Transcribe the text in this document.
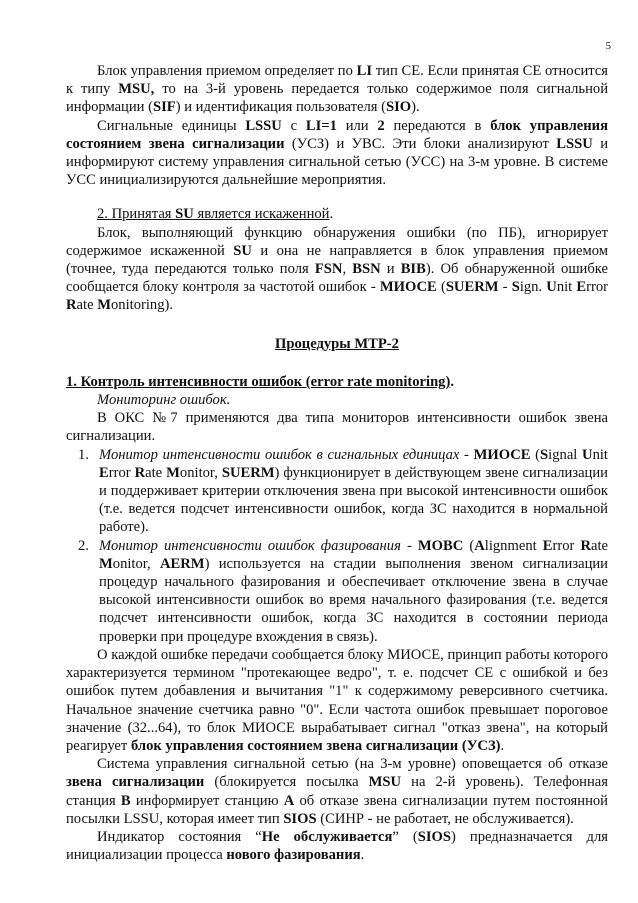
5

Блок управления приемом определяет по LI тип СЕ. Если принятая СЕ относится к типу MSU, то на 3-й уровень передается только содержимое поля сигнальной информации (SIF) и идентификация пользователя (SIO).

Сигнальные единицы LSSU с LI=1 или 2 передаются в блок управления состоянием звена сигнализации (УСЗ) и УВС. Эти блоки анализируют LSSU и информируют систему управления сигнальной сетью (УСС) на 3-м уровне. В системе УСС инициализируются дальнейшие мероприятия.

2. Принятая SU является искаженной.

Блок, выполняющий функцию обнаружения ошибки (по ПБ), игнорирует содержимое искаженной SU и она не направляется в блок управления приемом (точнее, туда передаются только поля FSN, BSN и BIB). Об обнаруженной ошибке сообщается блоку контроля за частотой ошибок - МИОСЕ (SUERM - Sign. Unit Error Rate Monitoring).

Процедуры МТР-2

1. Контроль интенсивности ошибок (error rate monitoring).

Мониторинг ошибок.

В ОКС №7 применяются два типа мониторов интенсивности ошибок звена сигнализации.

1. Монитор интенсивности ошибок в сигнальных единицах - МИОСЕ (Signal Unit Error Rate Monitor, SUERM) функционирует в действующем звене сигнализации и поддерживает критерии отключения звена при высокой интенсивности ошибок (т.е. ведется подсчет интенсивности ошибок, когда ЗС находится в нормальной работе).
2. Монитор интенсивности ошибок фазирования - МОВС (Alignment Error Rate Monitor, AERM) используется на стадии выполнения звеном сигнализации процедур начального фазирования и обеспечивает отключение звена в случае высокой интенсивности ошибок во время начального фазирования (т.е. ведется подсчет интенсивности ошибок, когда ЗС находится в состоянии периода проверки при процедуре вхождения в связь).

О каждой ошибке передачи сообщается блоку МИОСЕ, принцип работы которого характеризуется термином "протекающее ведро", т. е. подсчет СЕ с ошибкой и без ошибок путем добавления и вычитания "1" к содержимому реверсивного счетчика. Начальное значение счетчика равно "0". Если частота ошибок превышает пороговое значение (32...64), то блок МИОСЕ вырабатывает сигнал "отказ звена", на который реагирует блок управления состоянием звена сигнализации (УСЗ).

Система управления сигнальной сетью (на 3-м уровне) оповещается об отказе звена сигнализации (блокируется посылка MSU на 2-й уровень). Телефонная станция В информирует станцию А об отказе звена сигнализации путем постоянной посылки LSSU, которая имеет тип SIOS (СИНР - не работает, не обслуживается).

Индикатор состояния “Не обслуживается” (SIOS) предназначается для инициализации процесса нового фазирования.
